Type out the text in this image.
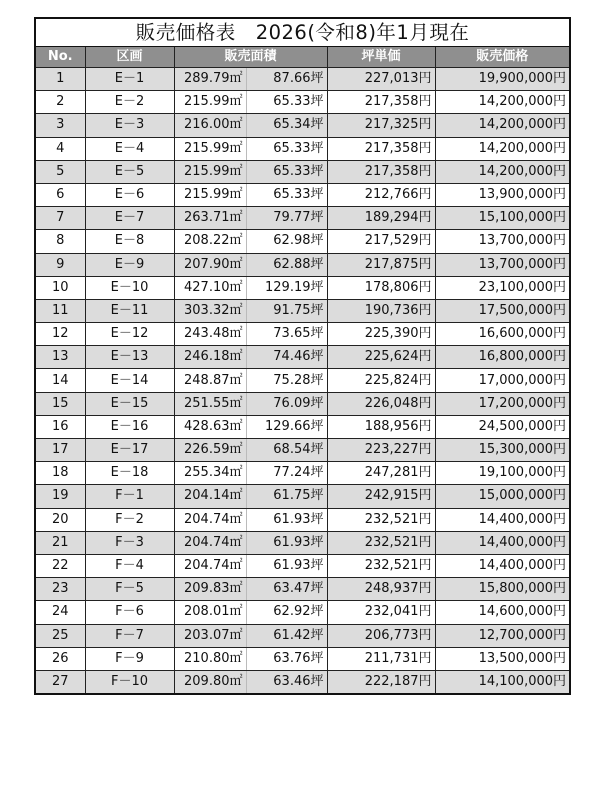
販売価格表　2026(令和8)年1月現在					
No.	区画	販売面積		坪単価	販売価格
1	E－1	289.79㎡	87.66坪	227,013円	19,900,000円
2	E－2	215.99㎡	65.33坪	217,358円	14,200,000円
3	E－3	216.00㎡	65.34坪	217,325円	14,200,000円
4	E－4	215.99㎡	65.33坪	217,358円	14,200,000円
5	E－5	215.99㎡	65.33坪	217,358円	14,200,000円
6	E－6	215.99㎡	65.33坪	212,766円	13,900,000円
7	E－7	263.71㎡	79.77坪	189,294円	15,100,000円
8	E－8	208.22㎡	62.98坪	217,529円	13,700,000円
9	E－9	207.90㎡	62.88坪	217,875円	13,700,000円
10	E－10	427.10㎡	129.19坪	178,806円	23,100,000円
11	E－11	303.32㎡	91.75坪	190,736円	17,500,000円
12	E－12	243.48㎡	73.65坪	225,390円	16,600,000円
13	E－13	246.18㎡	74.46坪	225,624円	16,800,000円
14	E－14	248.87㎡	75.28坪	225,824円	17,000,000円
15	E－15	251.55㎡	76.09坪	226,048円	17,200,000円
16	E－16	428.63㎡	129.66坪	188,956円	24,500,000円
17	E－17	226.59㎡	68.54坪	223,227円	15,300,000円
18	E－18	255.34㎡	77.24坪	247,281円	19,100,000円
19	F－1	204.14㎡	61.75坪	242,915円	15,000,000円
20	F－2	204.74㎡	61.93坪	232,521円	14,400,000円
21	F－3	204.74㎡	61.93坪	232,521円	14,400,000円
22	F－4	204.74㎡	61.93坪	232,521円	14,400,000円
23	F－5	209.83㎡	63.47坪	248,937円	15,800,000円
24	F－6	208.01㎡	62.92坪	232,041円	14,600,000円
25	F－7	203.07㎡	61.42坪	206,773円	12,700,000円
26	F－9	210.80㎡	63.76坪	211,731円	13,500,000円
27	F－10	209.80㎡	63.46坪	222,187円	14,100,000円
